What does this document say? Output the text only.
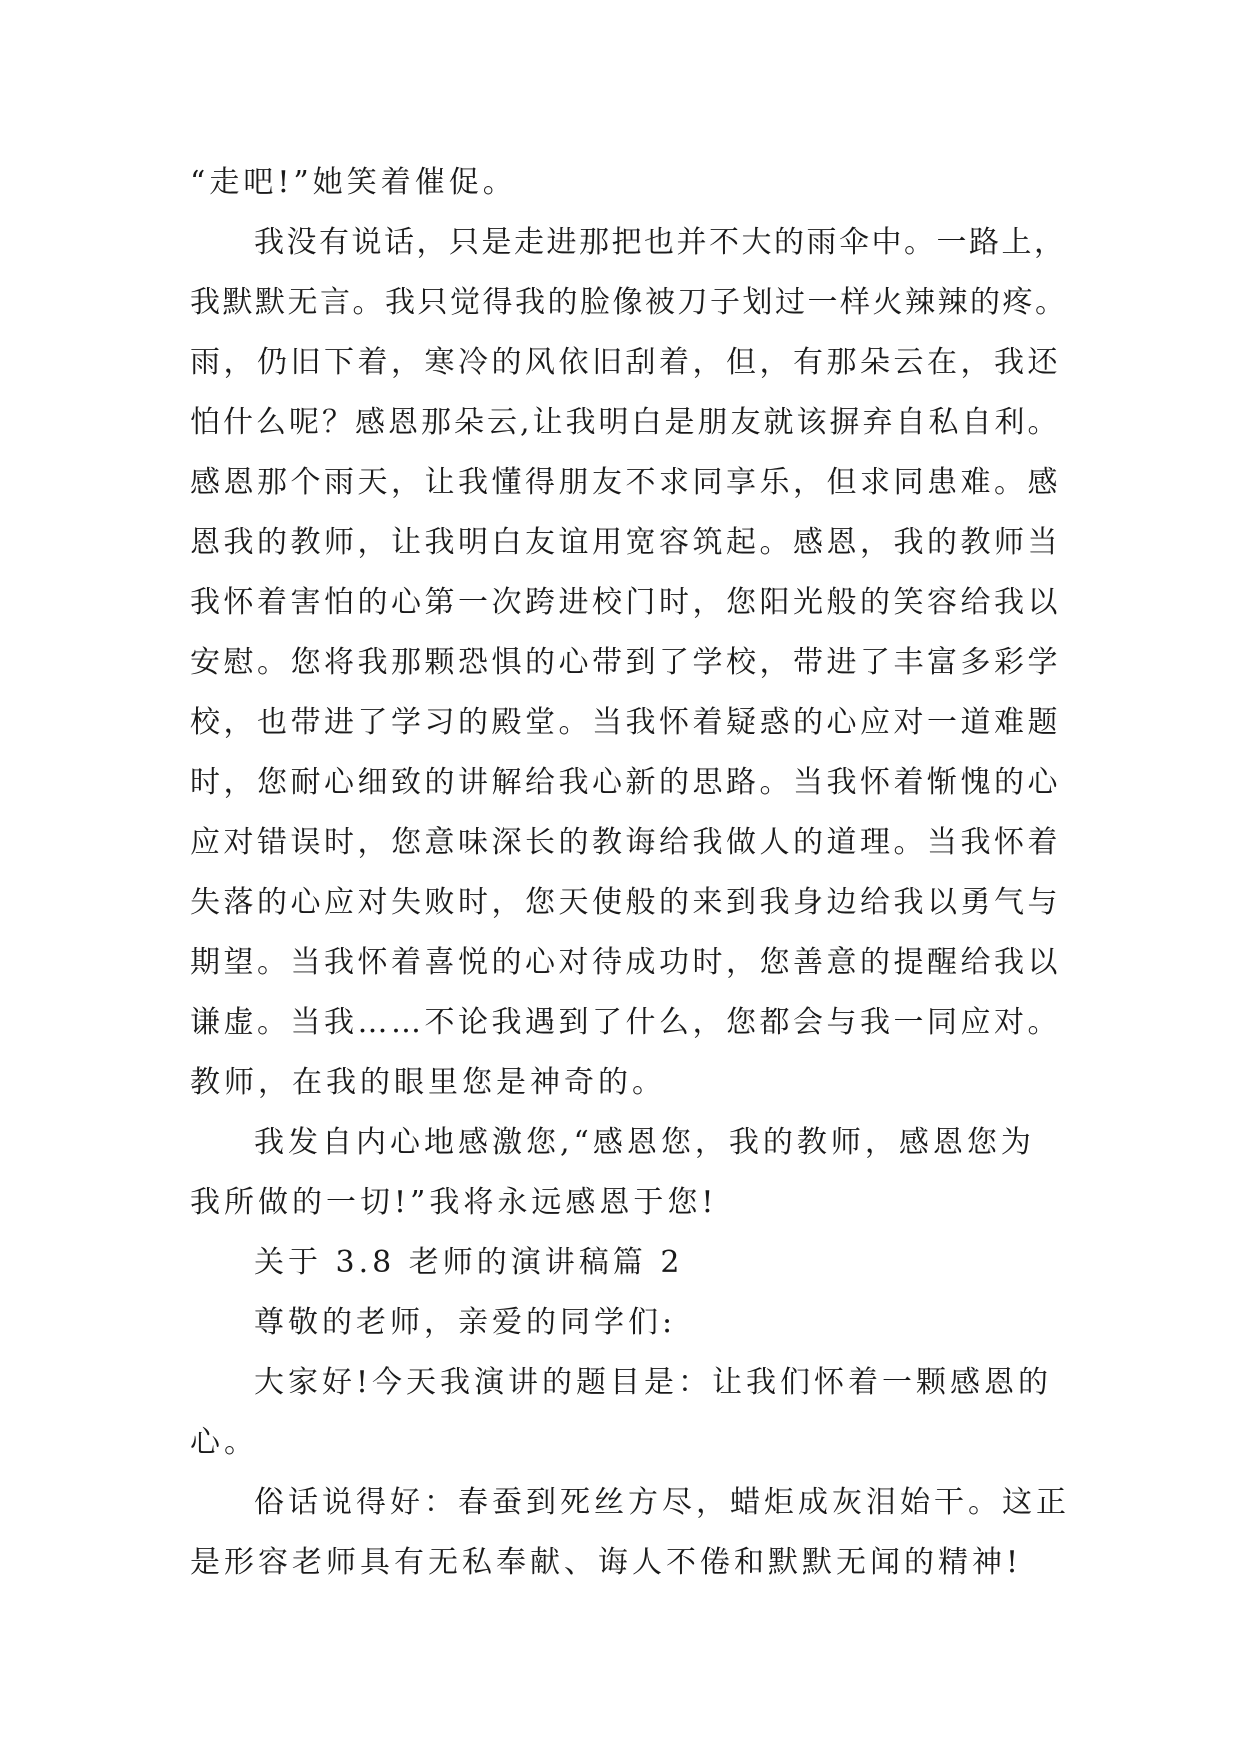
“走吧!”她笑着催促。
我没有说话，只是走进那把也并不大的雨伞中。一路上，
我默默无言。我只觉得我的脸像被刀子划过一样火辣辣的疼。
雨，仍旧下着，寒冷的风依旧刮着，但，有那朵云在，我还
怕什么呢？感恩那朵云,让我明白是朋友就该摒弃自私自利。
感恩那个雨天，让我懂得朋友不求同享乐，但求同患难。感
恩我的教师，让我明白友谊用宽容筑起。感恩，我的教师当
我怀着害怕的心第一次跨进校门时，您阳光般的笑容给我以
安慰。您将我那颗恐惧的心带到了学校，带进了丰富多彩学
校，也带进了学习的殿堂。当我怀着疑惑的心应对一道难题
时，您耐心细致的讲解给我心新的思路。当我怀着惭愧的心
应对错误时，您意味深长的教诲给我做人的道理。当我怀着
失落的心应对失败时，您天使般的来到我身边给我以勇气与
期望。当我怀着喜悦的心对待成功时，您善意的提醒给我以
谦虚。当我……不论我遇到了什么，您都会与我一同应对。
教师，在我的眼里您是神奇的。
我发自内心地感激您,“感恩您，我的教师，感恩您为
我所做的一切!”我将永远感恩于您!
关于 3.8 老师的演讲稿篇 2
尊敬的老师，亲爱的同学们:
大家好!今天我演讲的题目是：让我们怀着一颗感恩的
心。
俗话说得好：春蚕到死丝方尽，蜡炬成灰泪始干。这正
是形容老师具有无私奉献、诲人不倦和默默无闻的精神!
